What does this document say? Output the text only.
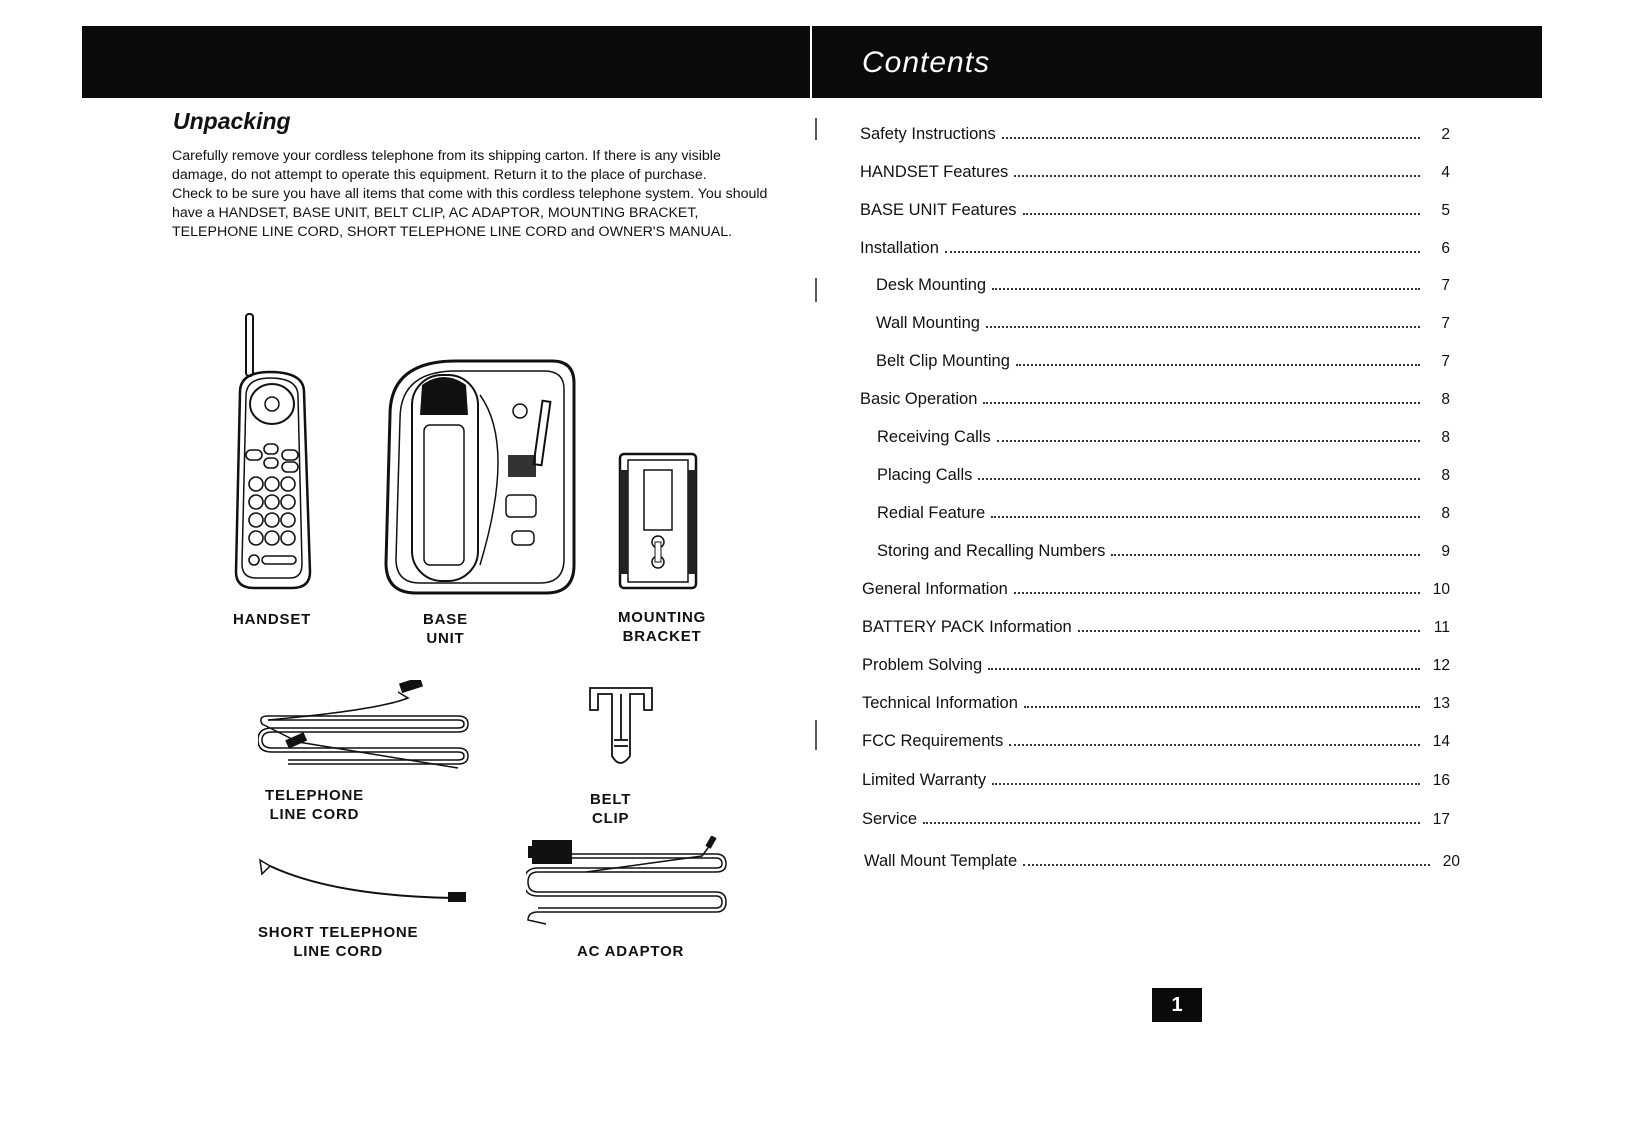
Contents
Unpacking

Carefully remove your cordless telephone from its shipping carton. If there is any visible damage, do not attempt to operate this equipment. Return it to the place of purchase.

Check to be sure you have all items that come with this cordless telephone system. You should have a HANDSET, BASE UNIT, BELT CLIP, AC ADAPTOR, MOUNTING BRACKET, TELEPHONE LINE CORD, SHORT TELEPHONE LINE CORD and OWNER'S MANUAL.

HANDSET	BASE
UNIT
MOUNTING
BRACKET
TELEPHONE
LINE CORD
BELT
CLIP
SHORT TELEPHONE
LINE CORD	AC ADAPTOR
Safety Instructions	2
HANDSET Features	4
BASE UNIT Features	5
Installation	6
Desk Mounting	7
Wall Mounting	7
Belt Clip Mounting	7
Basic Operation	8
Receiving Calls	8
Placing Calls	8
Redial Feature	8
Storing and Recalling Numbers	9
General Information	10
BATTERY PACK Information	11
Problem Solving	12
Technical Information	13
FCC Requirements	14
Limited Warranty	16
Service	17
Wall Mount Template	20
1
